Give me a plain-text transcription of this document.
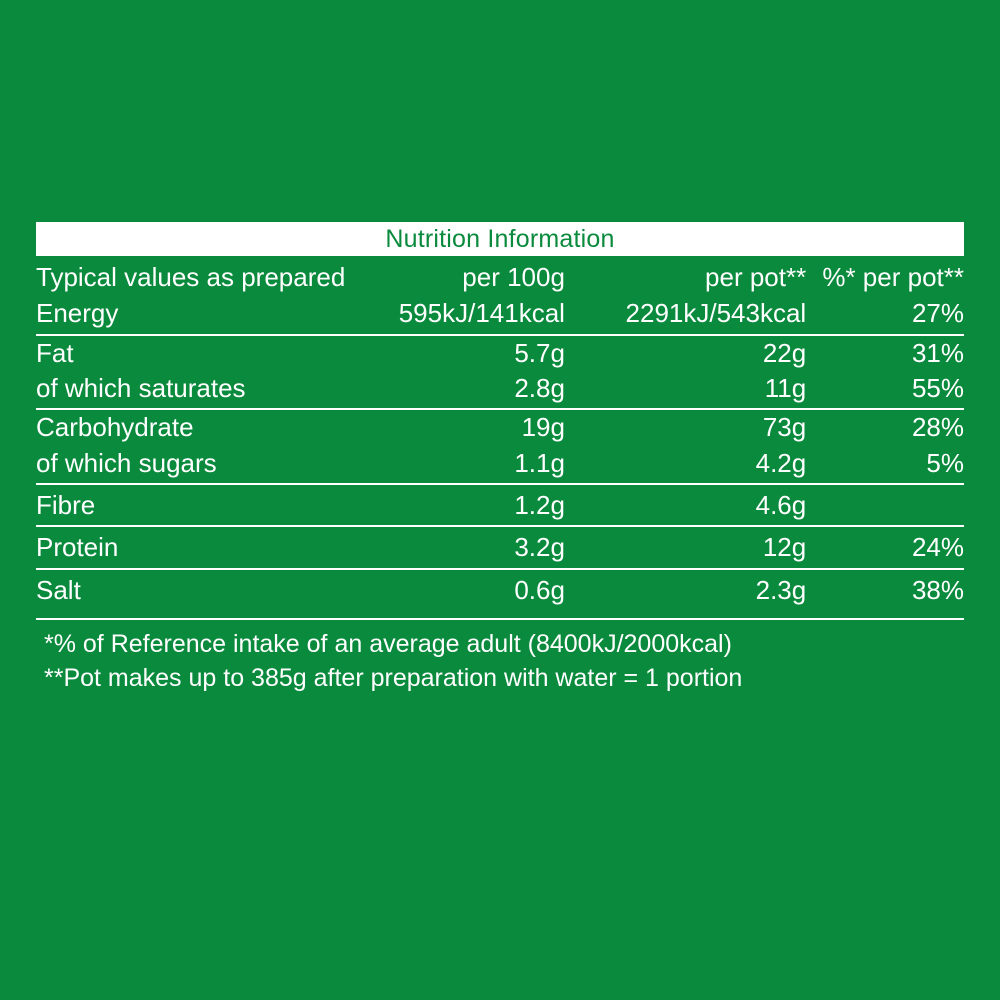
Nutrition Information
Typical values as prepared	per 100g	per pot**	%* per pot**
Energy	595kJ/141kcal	2291kJ/543kcal	27%
Fat	5.7g	22g	31%
of which saturates	2.8g	11g	55%
Carbohydrate	19g	73g	28%
of which sugars	1.1g	4.2g	5%
Fibre	1.2g	4.6g	
Protein	3.2g	12g	24%
Salt	0.6g	2.3g	38%
*% of Reference intake of an average adult (8400kJ/2000kcal)
**Pot makes up to 385g after preparation with water = 1 portion
